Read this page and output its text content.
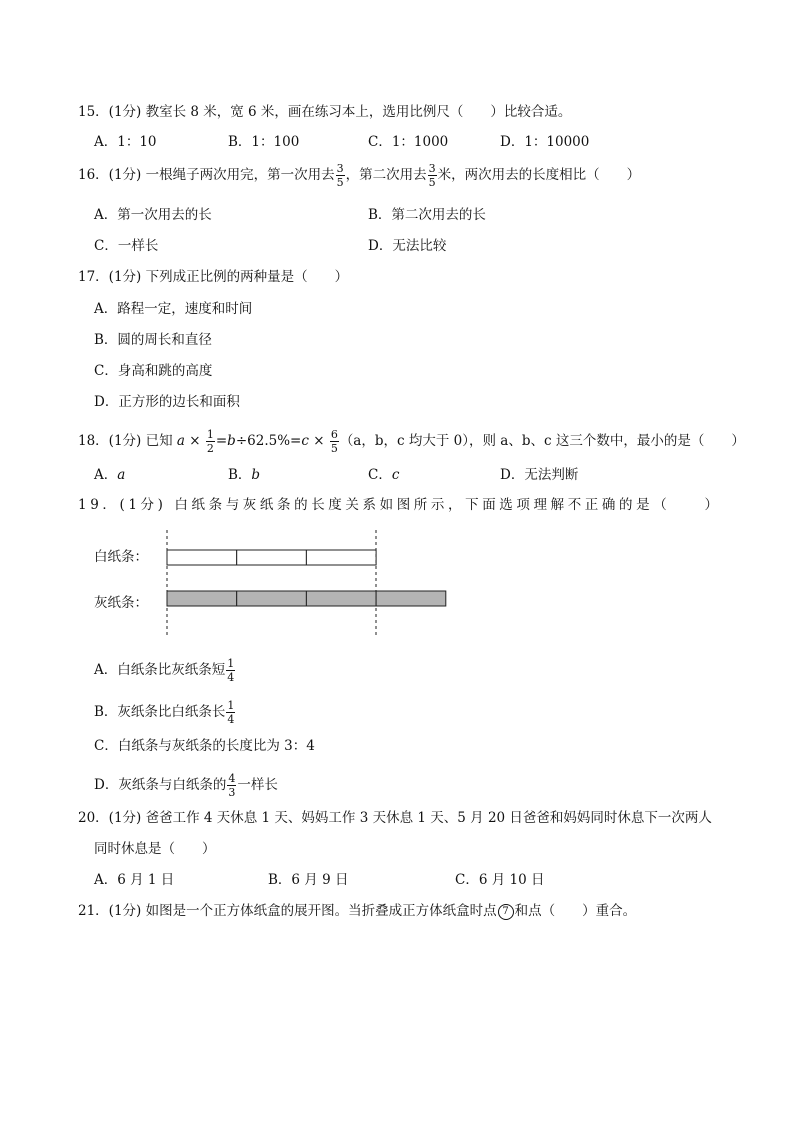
15．(1分) 教室长 8 米，宽 6 米，画在练习本上，选用比例尺（　　）比较合适。
A．1：10	B．1：100	C．1：1000	D．1：10000
16．(1分) 一根绳子两次用完，第一次用去 $\frac{3}{5}$ ，第二次用去 $\frac{3}{5}$ 米，两次用去的长度相比（　　）
A．第一次用去的长	B．第二次用去的长
C．一样长	D．无法比较
17．(1分) 下列成正比例的两种量是（　　）
A．路程一定，速度和时间
B．圆的周长和直径
C．身高和跳的高度
D．正方形的边长和面积
18．(1分) 已知 $a \times \frac{1}{2} =b\div 62.5\%=c \times \frac{6}{5} (a$，b，c 均大于 0），则 a、b、c 这三个数中，最小的是（　　）
A．a	B．b	C．c	D．无法判断
19．(1分) 白纸条与灰纸条的长度关系如图所示，下面选项理解不正确的是（　　）
白纸条：
灰纸条：
A．白纸条比灰纸条短 $\frac{1}{4}$
B．灰纸条比白纸条长 $\frac{1}{4}$
C．白纸条与灰纸条的长度比为 3：4
D．灰纸条与白纸条的 $\frac{4}{3}$ 一样长
20．(1分) 爸爸工作 4 天休息 1 天、妈妈工作 3 天休息 1 天、5 月 20 日爸爸和妈妈同时休息下一次两人
同时休息是（　　）
A．6 月 1 日	B．6 月 9 日	C．6 月 10 日
21．(1分) 如图是一个正方体纸盒的展开图。当折叠成正方体纸盒时点 7 和点（　　）重合。
